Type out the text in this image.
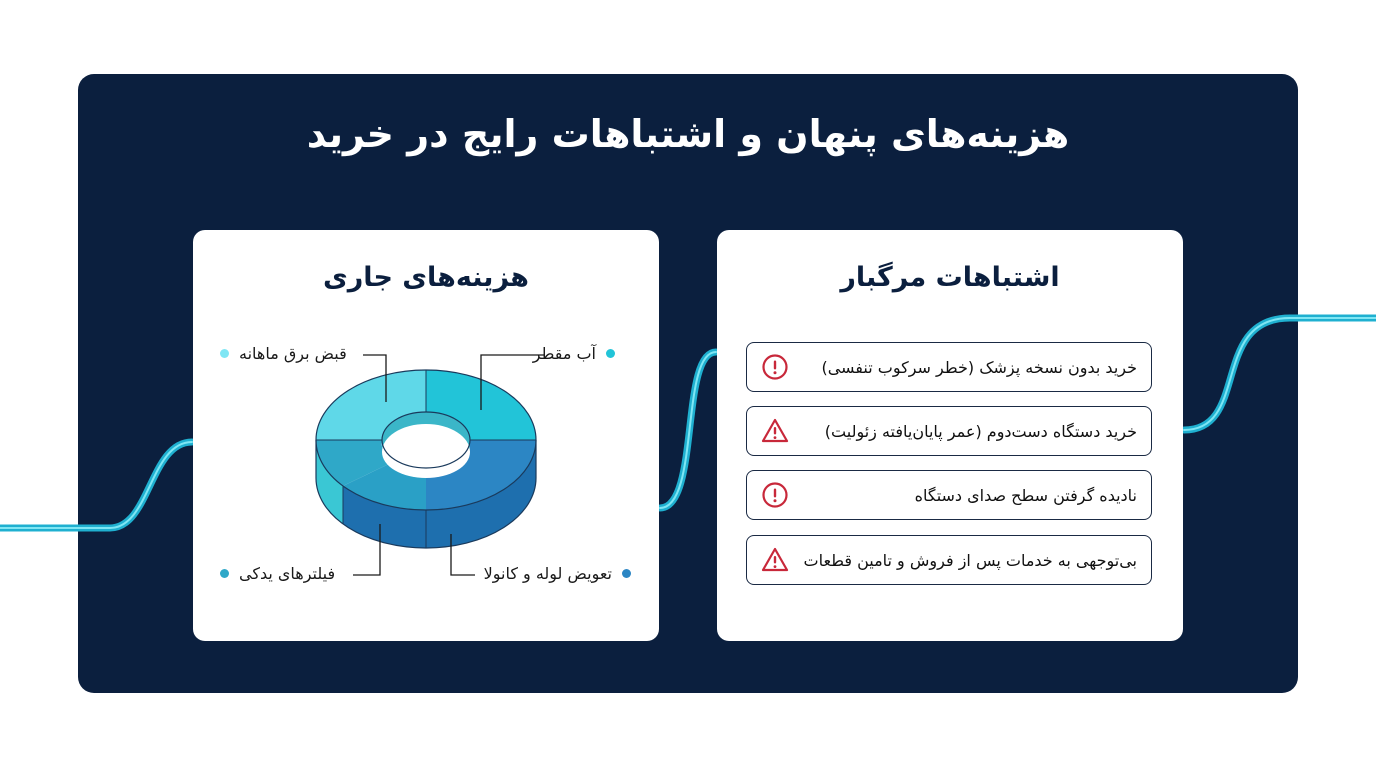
هزینه‌های پنهان و اشتباهات رایج در خرید
هزینه‌های جاری
آب مقطر
قبض برق ماهانه
فیلترهای یدکی	تعویض لوله و کانولا
اشتباهات مرگبار
خرید بدون نسخه پزشک (خطر سرکوب تنفسی)
خرید دستگاه دست‌دوم (عمر پایان‌یافته زئولیت)
نادیده گرفتن سطح صدای دستگاه
بی‌توجهی به خدمات پس از فروش و تامین قطعات
